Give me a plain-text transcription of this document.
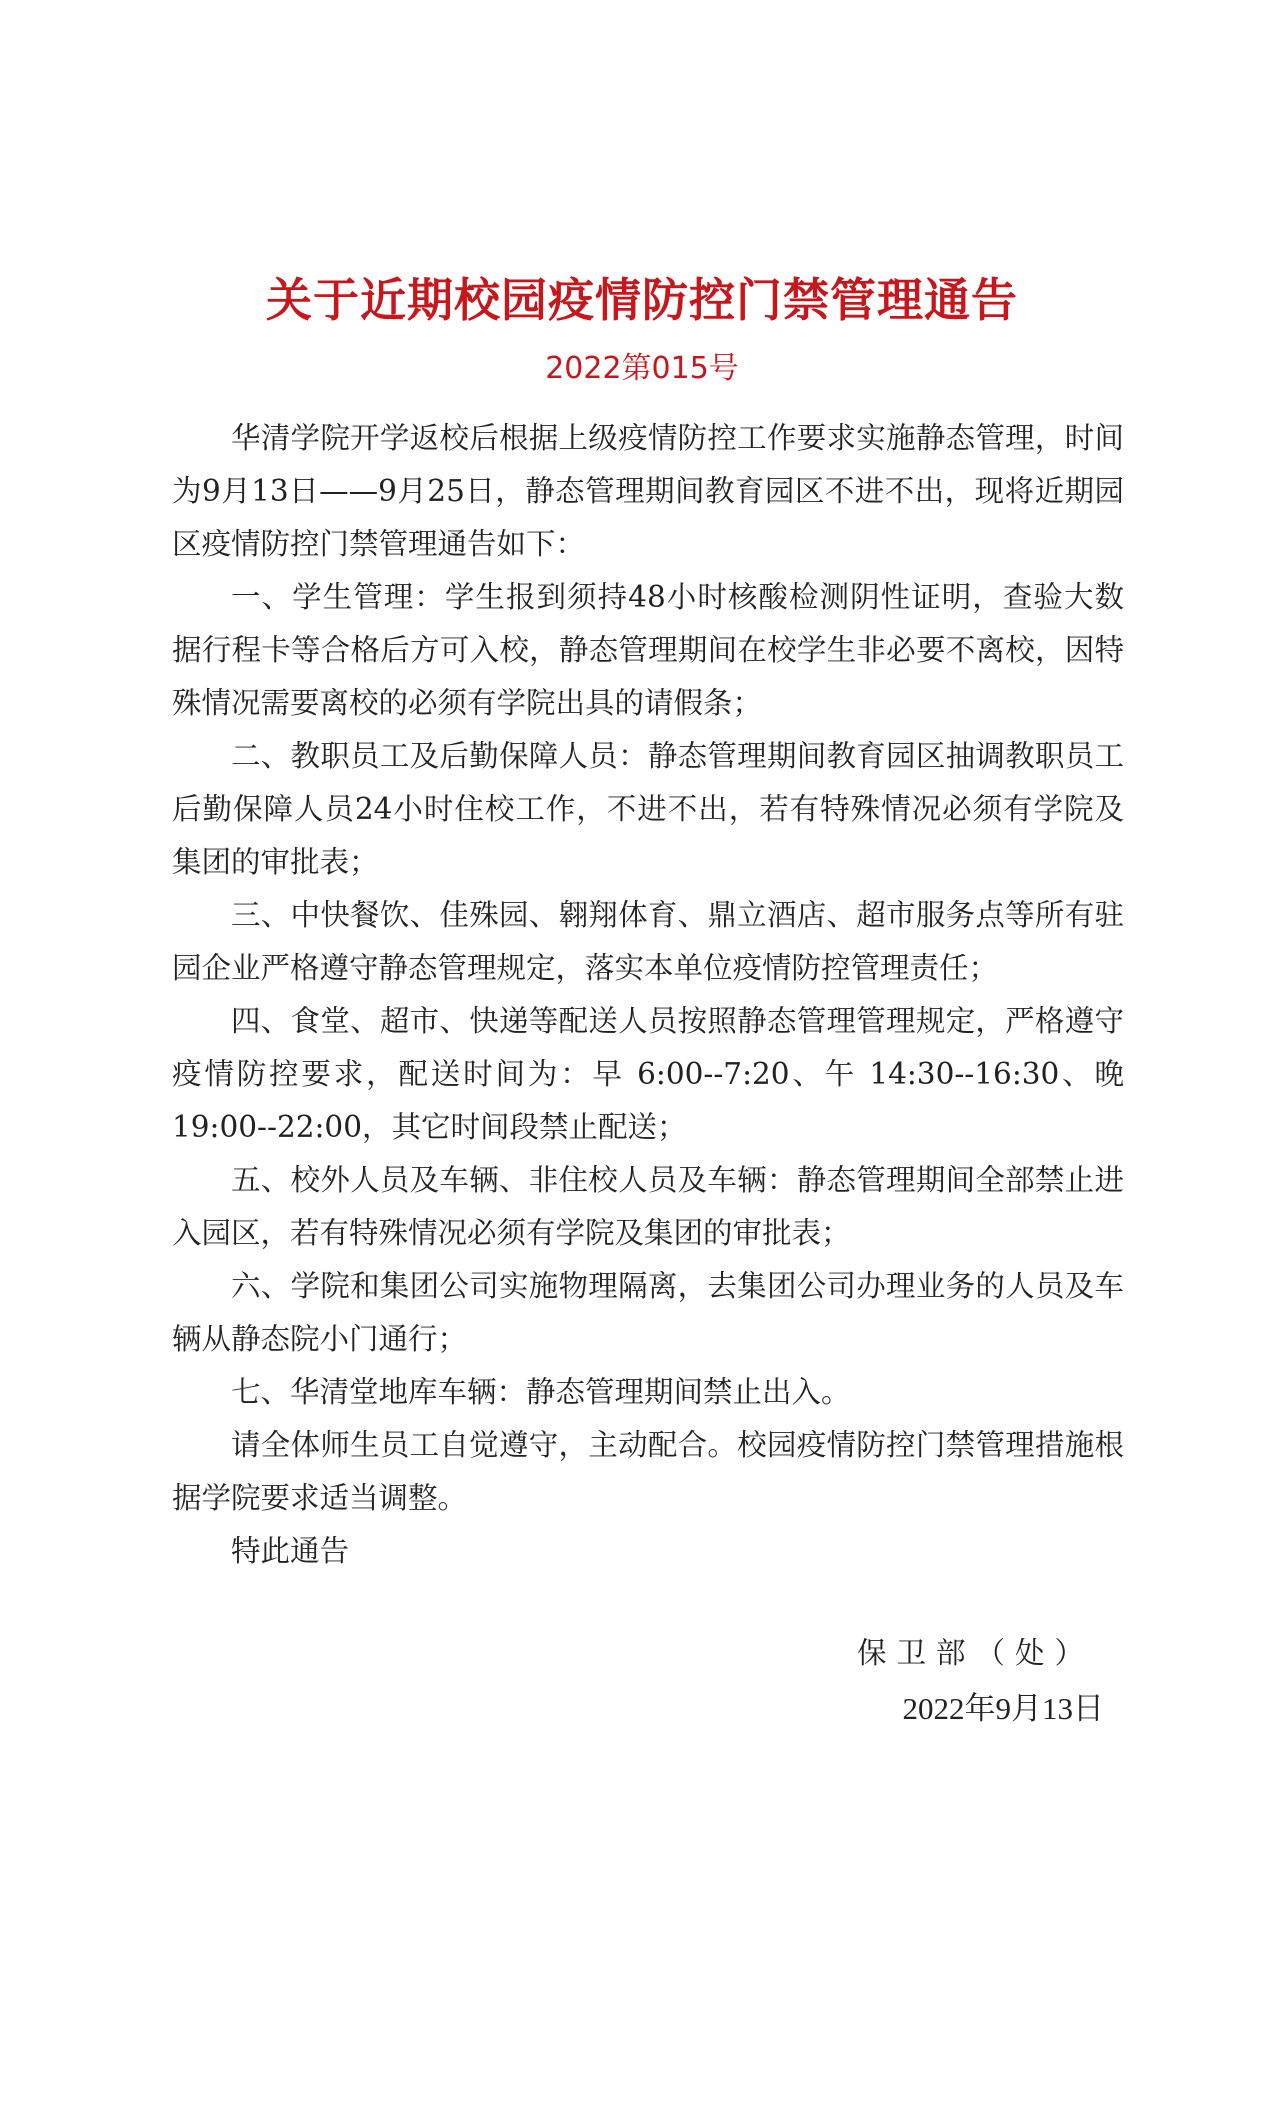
关于近期校园疫情防控门禁管理通告
2022第015号

华清学院开学返校后根据上级疫情防控工作要求实施静态管理，时间为9月13日——9月25日，静态管理期间教育园区不进不出，现将近期园区疫情防控门禁管理通告如下：

一、学生管理：学生报到须持48小时核酸检测阴性证明，查验大数据行程卡等合格后方可入校，静态管理期间在校学生非必要不离校，因特殊情况需要离校的必须有学院出具的请假条；

二、教职员工及后勤保障人员：静态管理期间教育园区抽调教职员工后勤保障人员24小时住校工作，不进不出，若有特殊情况必须有学院及集团的审批表；

三、中快餐饮、佳殊园、翱翔体育、鼎立酒店、超市服务点等所有驻园企业严格遵守静态管理规定，落实本单位疫情防控管理责任；

四、食堂、超市、快递等配送人员按照静态管理管理规定，严格遵守疫情防控要求，配送时间为：早 6:00--7:20、午 14:30--16:30、晚19:00--22:00，其它时间段禁止配送；

五、校外人员及车辆、非住校人员及车辆：静态管理期间全部禁止进入园区，若有特殊情况必须有学院及集团的审批表；

六、学院和集团公司实施物理隔离，去集团公司办理业务的人员及车辆从静态院小门通行；

七、华清堂地库车辆：静态管理期间禁止出入。

请全体师生员工自觉遵守，主动配合。校园疫情防控门禁管理措施根据学院要求适当调整。

特此通告

保卫部（处）
2022年9月13日
